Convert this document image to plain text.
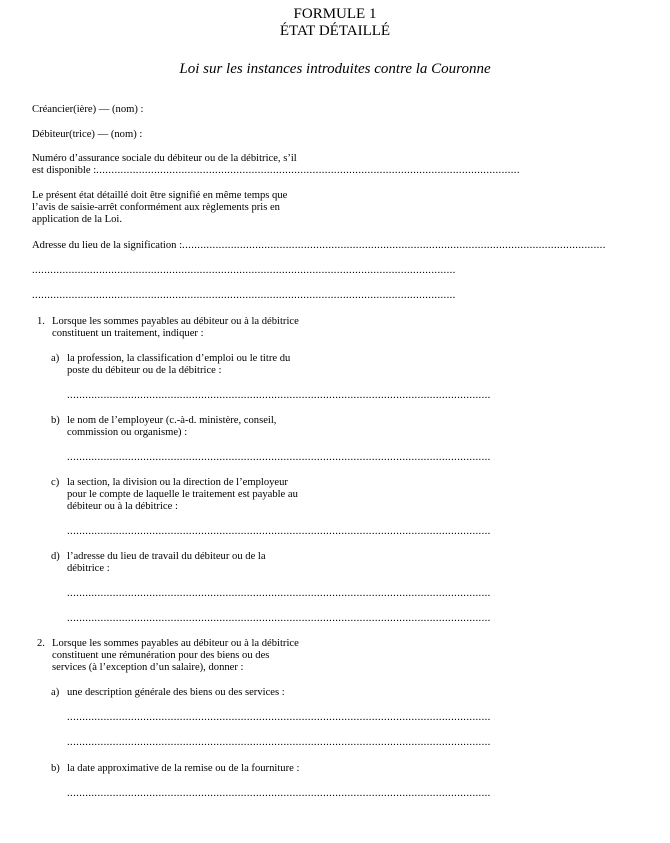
FORMULE 1
ÉTAT DÉTAILLÉ
Loi sur les instances introduites contre la Couronne
Créancier(ière) — (nom) :
Débiteur(trice) — (nom) :
Numéro d’assurance sociale du débiteur ou de la débitrice, s’il
est disponible : ...........................................................................................................................................
Le présent état détaillé doit être signifié en même temps que
l’avis de saisie-arrêt conformément aux règlements pris en
application de la Loi.
Adresse du lieu de la signification : ...........................................................................................................................................
...........................................................................................................................................
...........................................................................................................................................
1. Lorsque les sommes payables au débiteur ou à la débitrice
constituent un traitement, indiquer :
a) la profession, la classification d’emploi ou le titre du
poste du débiteur ou de la débitrice :
...........................................................................................................................................
b) le nom de l’employeur (c.-à-d. ministère, conseil,
commission ou organisme) :
...........................................................................................................................................
c) la section, la division ou la direction de l’employeur
pour le compte de laquelle le traitement est payable au
débiteur ou à la débitrice :
...........................................................................................................................................
d) l’adresse du lieu de travail du débiteur ou de la
débitrice :
...........................................................................................................................................
...........................................................................................................................................
2. Lorsque les sommes payables au débiteur ou à la débitrice
constituent une rémunération pour des biens ou des
services (à l’exception d’un salaire), donner :
a) une description générale des biens ou des services :
...........................................................................................................................................
...........................................................................................................................................
b) la date approximative de la remise ou de la fourniture :
...........................................................................................................................................
